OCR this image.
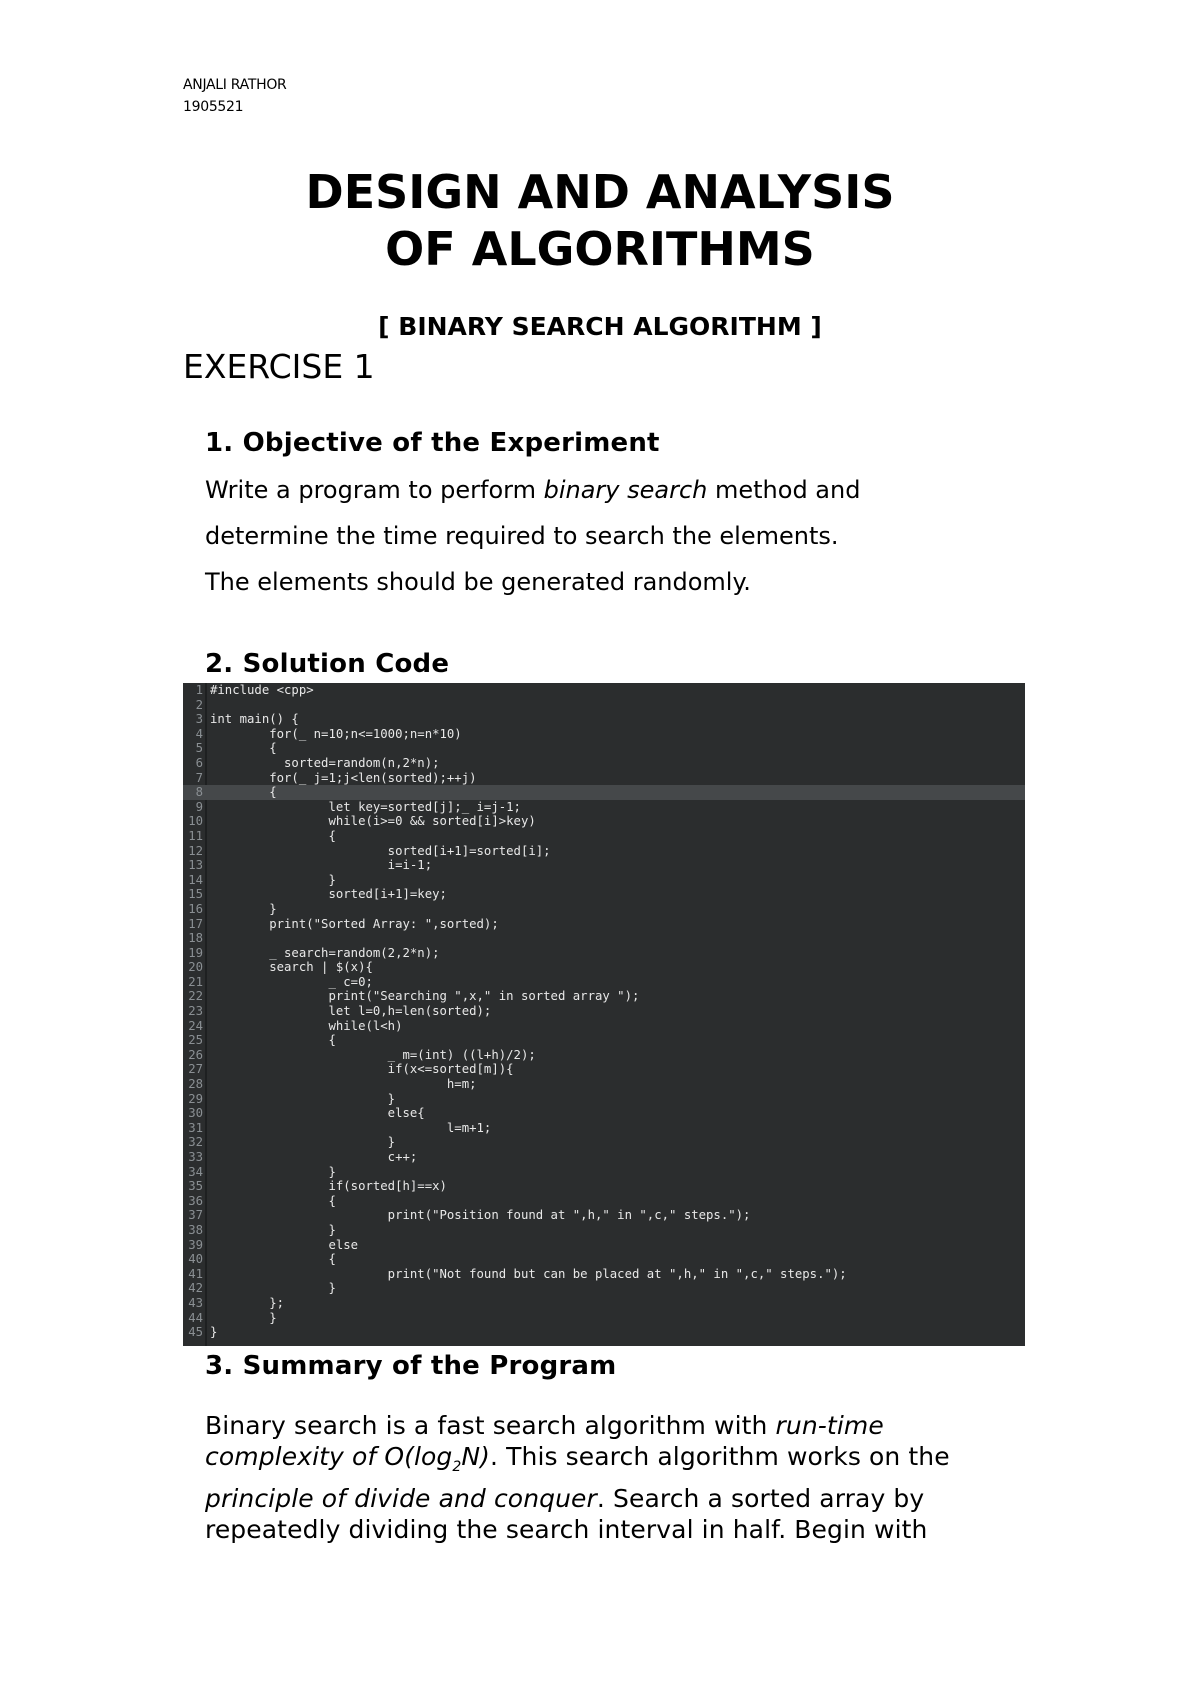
ANJALI RATHOR
1905521
DESIGN AND ANALYSIS
OF ALGORITHMS
[ BINARY SEARCH ALGORITHM ]
EXERCISE 1
1. Objective of the Experiment
Write a program to perform binary search method and
determine the time required to search the elements.
The elements should be generated randomly.
2. Solution Code
1 #include <cpp>
2
3 int main() {
4 for(_ n=10;n<=1000;n=n*10)
5 {
6 sorted=random(n,2*n);
7 for(_ j=1;j<len(sorted);++j)
8 {
9 let key=sorted[j];_ i=j-1;
10 while(i>=0 && sorted[i]>key)
11 {
12 sorted[i+1]=sorted[i];
13 i=i-1;
14 }
15 sorted[i+1]=key;
16 }
17 print("Sorted Array: ",sorted);
18
19 _ search=random(2,2*n);
20 search | $(x){
21 _ c=0;
22 print("Searching ",x," in sorted array ");
23 let l=0,h=len(sorted);
24 while(l<h)
25 {
26 _ m=(int) ((l+h)/2);
27 if(x<=sorted[m]){
28 h=m;
29 }
30 else{
31 l=m+1;
32 }
33 c++;
34 }
35 if(sorted[h]==x)
36 {
37 print("Position found at ",h," in ",c," steps.");
38 }
39 else
40 {
41 print("Not found but can be placed at ",h," in ",c," steps.");
42 }
43 };
44 }
45 }
3. Summary of the Program
Binary search is a fast search algorithm with run-time complexity of $O(\log_2N)$. This search algorithm works on the principle of divide and conquer. Search a sorted array by repeatedly dividing the search interval in half. Begin with
